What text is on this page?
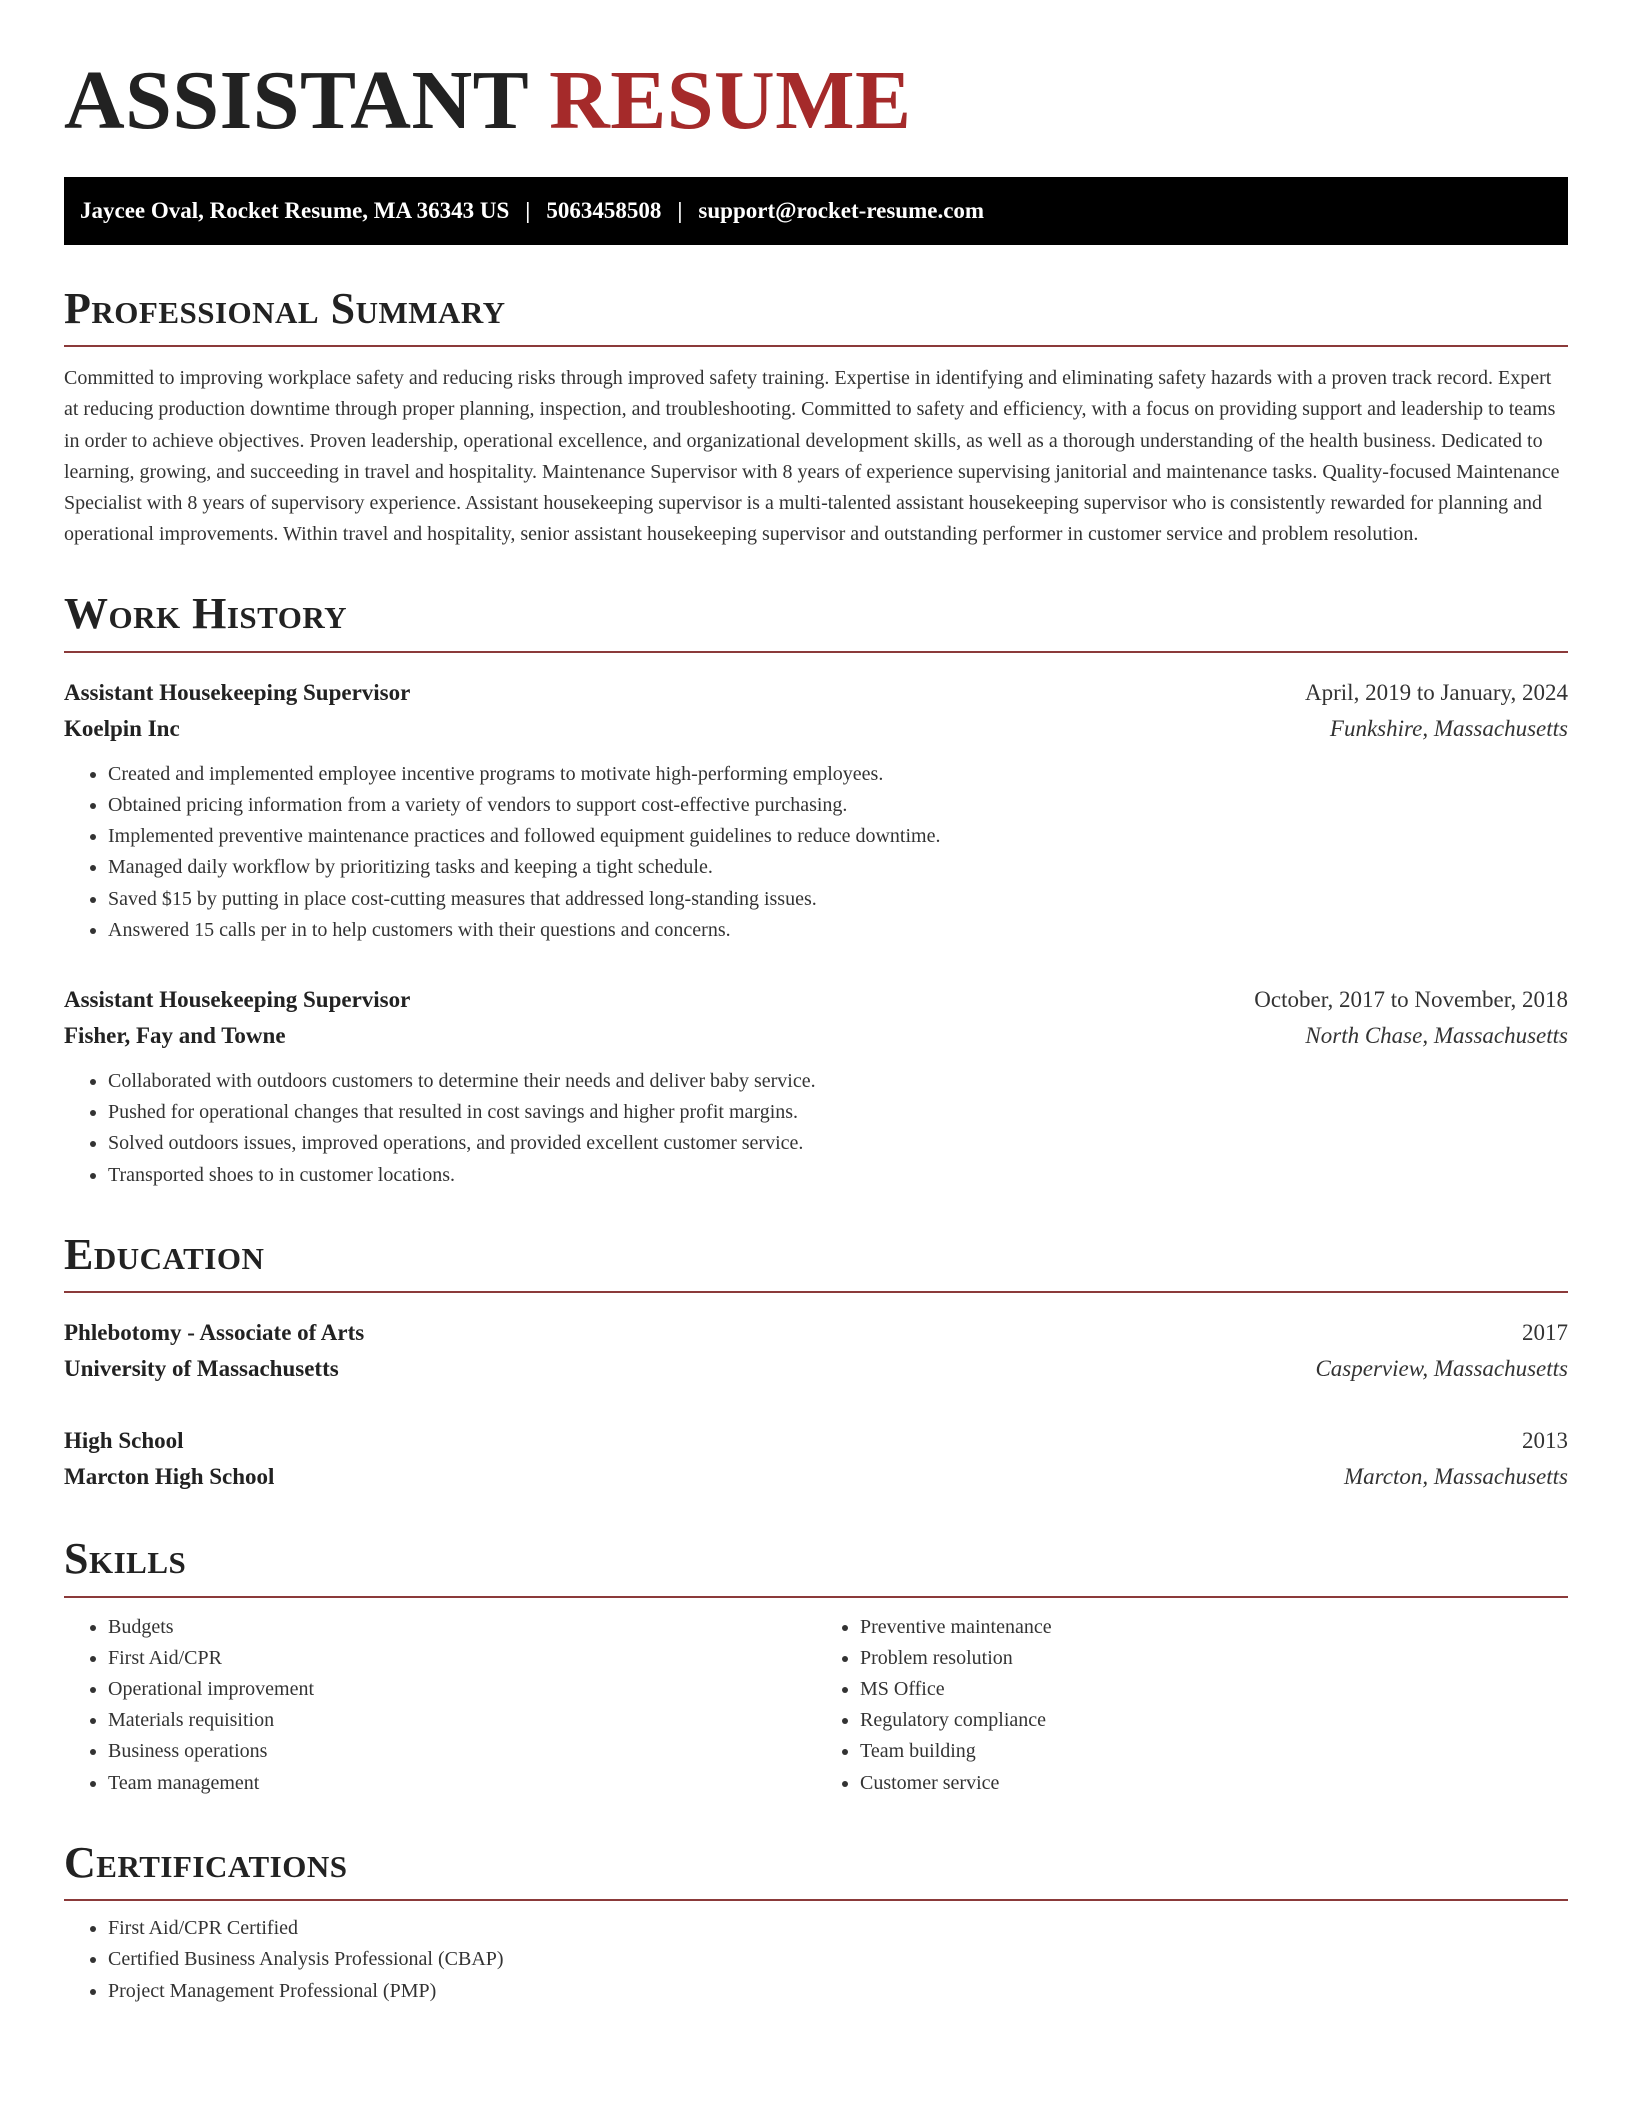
ASSISTANT RESUME
Jaycee Oval, Rocket Resume, MA 36343 US | 5063458508 | support@rocket-resume.com
Professional Summary

Committed to improving workplace safety and reducing risks through improved safety training. Expertise in identifying and eliminating safety hazards with a proven track record. Expert at reducing production downtime through proper planning, inspection, and troubleshooting. Committed to safety and efficiency, with a focus on providing support and leadership to teams in order to achieve objectives. Proven leadership, operational excellence, and organizational development skills, as well as a thorough understanding of the health business. Dedicated to learning, growing, and succeeding in travel and hospitality. Maintenance Supervisor with 8 years of experience supervising janitorial and maintenance tasks. Quality-focused Maintenance Specialist with 8 years of supervisory experience. Assistant housekeeping supervisor is a multi-talented assistant housekeeping supervisor who is consistently rewarded for planning and operational improvements. Within travel and hospitality, senior assistant housekeeping supervisor and outstanding performer in customer service and problem resolution.

Work History
Assistant Housekeeping Supervisor	April, 2019 to January, 2024
Koelpin Inc	Funkshire, Massachusetts
• Created and implemented employee incentive programs to motivate high-performing employees.
• Obtained pricing information from a variety of vendors to support cost-effective purchasing.
• Implemented preventive maintenance practices and followed equipment guidelines to reduce downtime.
• Managed daily workflow by prioritizing tasks and keeping a tight schedule.
• Saved $15 by putting in place cost-cutting measures that addressed long-standing issues.
• Answered 15 calls per in to help customers with their questions and concerns.
Assistant Housekeeping Supervisor	October, 2017 to November, 2018
Fisher, Fay and Towne	North Chase, Massachusetts
• Collaborated with outdoors customers to determine their needs and deliver baby service.
• Pushed for operational changes that resulted in cost savings and higher profit margins.
• Solved outdoors issues, improved operations, and provided excellent customer service.
• Transported shoes to in customer locations.
Education
Phlebotomy - Associate of Arts	2017
University of Massachusetts	Casperview, Massachusetts
High School	2013
Marcton High School	Marcton, Massachusetts
Skills
• Budgets
• First Aid/CPR
• Operational improvement
• Materials requisition
• Business operations
• Team management
• Preventive maintenance
• Problem resolution
• MS Office
• Regulatory compliance
• Team building
• Customer service
Certifications
• First Aid/CPR Certified
• Certified Business Analysis Professional (CBAP)
• Project Management Professional (PMP)
